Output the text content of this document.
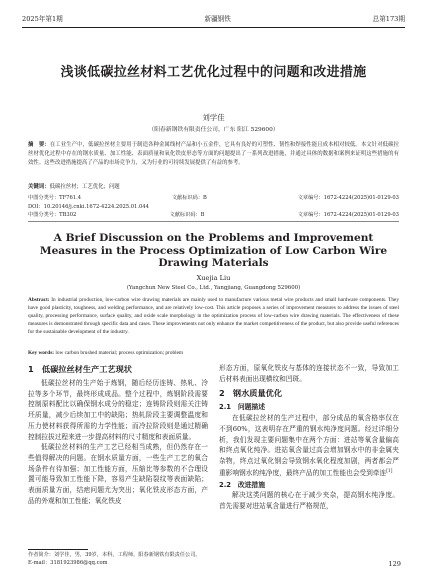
2025年第1期	新疆钢铁	总第173期
浅谈低碳拉丝材料工艺优化过程中的问题和改进措施
刘学佳
（阳春新钢铁有限责任公司，广东 阳江 529600）
摘　要：在工业生产中，低碳拉丝材主要用于制造各种金属线材产品和小五金件，它具有良好的可塑性、韧性和焊接性能且成本相对较低。本文针对低碳拉丝材优化过程中存在的钢水质量、加工性能、表面质量和氧化铁皮形态等方面的问题提出了一系列改进措施，并通过具体的数据和案例来证明这些措施的有效性。这些改进措施提高了产品的市场竞争力，又为行业的可持续发展提供了有益的参考。
关键词：低碳拉丝材；工艺优化；问题
中图分类号：TF761.4	文献标识码：B	文章编号：1672-4224(2025)01-0129-03
DOI：10.20146/j.cnki.1672-4224.2025.01.044
中图分类号：TB302	文献标识码：B	文章编号：1672-4224(2025)01-0129-03
A Brief Discussion on the Problems and Improvement Measures in the Process Optimization of Low Carbon Wire Drawing Materials
Xuejia Liu
(Yangchun New Steel Co., Ltd., Yangjiang, Guangdong 529600)
Abstract: In industrial production, low-carbon wire drawing materials are mainly used to manufacture various metal wire products and small hardware components. They have good plasticity, toughness, and welding performance, and are relatively low-cost. This article proposes a series of improvement measures to address the issues of steel quality, processing performance, surface quality, and oxide scale morphology in the optimization process of low-carbon wire drawing materials. The effectiveness of these measures is demonstrated through specific data and cases. These improvements not only enhance the market competitiveness of the product, but also provide useful references for the sustainable development of the industry.
Key words: low carbon brushed material; process optimization; problem
1　低碳拉丝材生产工艺现状

低碳拉丝材的生产始于炼钢，随后经历连铸、热轧、冷拉等多个环节，最终形成成品。整个过程中，炼钢阶段需要控制原料配比以确保钢水成分的稳定；连铸阶段则需关注铸坯质量，减少后续加工中的缺陷；热轧阶段主要调整温度和压力使材料获得所需的力学性能；而冷拉阶段则是通过精确控制拉拔过程来进一步提高材料的尺寸精度和表面质量。

低碳拉丝材料的生产工艺已经相当成熟，但仍然存在一些值得解决的问题。在钢水质量方面，一些生产工艺的氧合场条件有待加强；加工性能方面，压缩比等参数的不合理设置可能导致加工性能下降，容易产生缺陷裂纹等表面缺陷；表面质量方面，结疤问题尤为突出；氧化铁皮形态方面，产品的外观和加工性能；氧化铁皮

形态方面，原氧化铁皮与基体的连接状态不一致，导致加工后材料表面出现横纹和凹斑。

2　钢水质量优化
2.1　问题描述

在低碳拉丝材的生产过程中，部分成品的氧含格率仅在不到60%，这表明存在严重的钢水纯净度问题。经过详细分析，我们发现主要问题集中在两个方面：进站等氧含量偏高和终点氧化纯净。进站氧含量过高会增加钢水中的非金属夹杂物，终点过氧化钢会导致钢水氧化程度加剧，两者都会严重影响钢水的纯净度，最终产品的加工性能也会受到牵连[1]

2.2　改进措施

解决这类问题的核心在于减少夹杂，提高钢水纯净度。首先需要对进站氧含量进行严格规范，

作者简介：刘学佳，男，39岁，本科，工程师，阳春新钢铁有限责任公司。
E-mail：3181923986@qq.com	129
